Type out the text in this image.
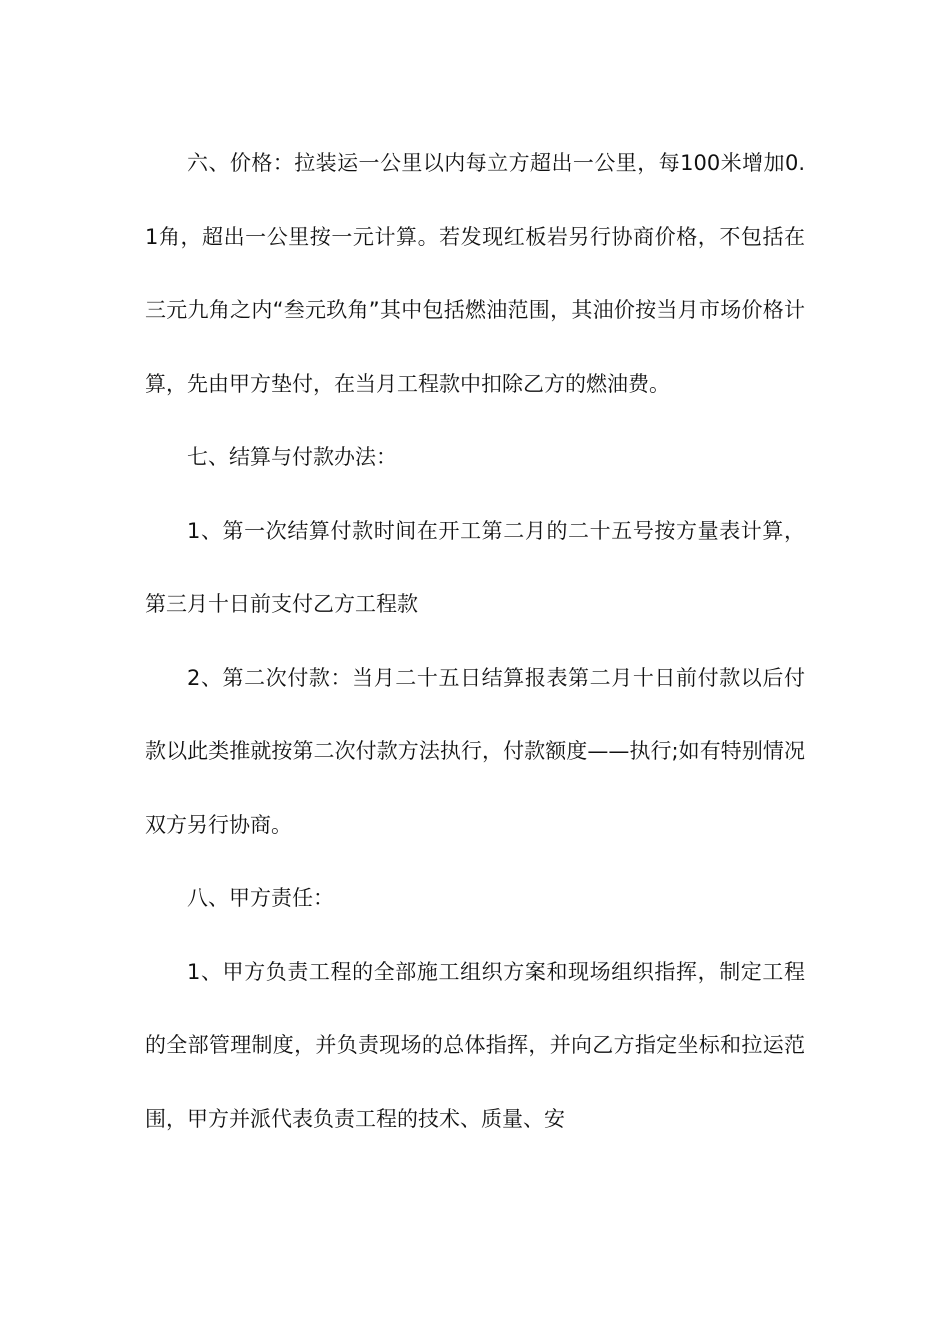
六、价格：拉装运一公里以内每立方超出一公里，每100米增加0.1角，超出一公里按一元计算。若发现红板岩另行协商价格，不包括在三元九角之内“叁元玖角”其中包括燃油范围，其油价按当月市场价格计算，先由甲方垫付，在当月工程款中扣除乙方的燃油费。

七、结算与付款办法：

1、第一次结算付款时间在开工第二月的二十五号按方量表计算，第三月十日前支付乙方工程款

2、第二次付款：当月二十五日结算报表第二月十日前付款以后付款以此类推就按第二次付款方法执行，付款额度——执行;如有特别情况双方另行协商。

八、甲方责任：

1、甲方负责工程的全部施工组织方案和现场组织指挥，制定工程的全部管理制度，并负责现场的总体指挥，并向乙方指定坐标和拉运范围，甲方并派代表负责工程的技术、质量、安
